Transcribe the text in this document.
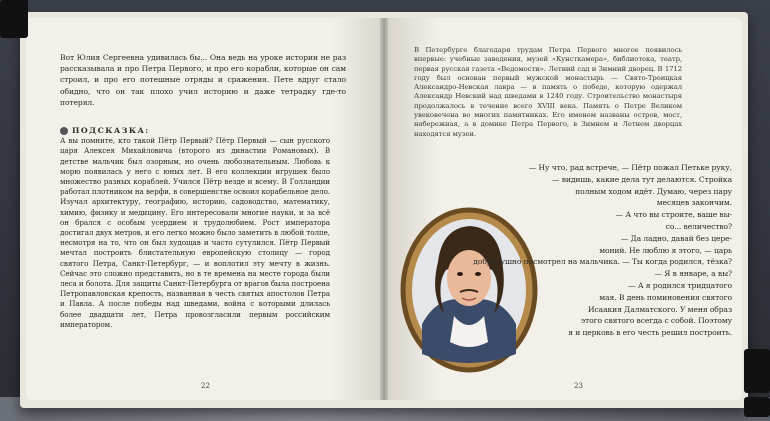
Вот Юлия Сергеевна удивилась бы... Она ведь на уроке истории не раз рассказывала и про Петра Первого, и про его корабли, которые он сам строил, и про его потешные отряды и сражения. Пете вдруг стало обидно, что он так плохо учил историю и даже тетрадку где-то потерял.
ПОДСКАЗКА:
А вы помните, кто такой Пётр Первый? Пётр Первый — сын русского царя Алексея Михайловича (второго из династии Романовых). В детстве мальчик был озорным, но очень любознательным. Любовь к морю появилась у него с юных лет. В его коллекции игрушек было множество разных кораблей. Учился Пётр везде и всему. В Голландии работал плотником на верфи, в совершенстве освоил корабельное дело. Изучал архитектуру, географию, историю, садоводство, математику, химию, физику и медицину. Его интересовали многие науки, и за всё он брался с особым усердием и трудолюбием. Рост императора достигал двух метров, и его легко можно было заметить в любой толпе, несмотря на то, что он был худощав и часто сутулился. Пётр Первый мечтал построить блистательную европейскую столицу — город святого Петра, Санкт-Петербург, — и воплотил эту мечту в жизнь. Сейчас это сложно представить, но в те времена на месте города были леса и болота. Для защиты Санкт-Петербурга от врагов была построена Петропавловская крепость, названная в честь святых апостолов Петра и Павла. А после победы над шведами, война с которыми длилась более двадцати лет, Петра провозгласили первым российским императором.
22
В Петербурге благодаря трудам Петра Первого многое появилось впервые: учебные заведения, музей «Кунсткамера», библиотека, театр, первая русская газета «Ведомости». Летний сад и Зимний дворец. В 1712 году был основан первый мужской монастырь — Свято-Троицкая Александро-Невская лавра — в память о победе, которую одержал Александр Невский над шведами в 1240 году. Строительство монастыря продолжалось в течение всего XVIII века. Память о Петре Великом увековечена во многих памятниках. Его именем названы остров, мост, набережная, а в домике Петра Первого, в Зимнем и Летнем дворцах находятся музеи.
— Ну что, рад встрече, — Пётр пожал Петьке руку,
— видишь, какие дела тут делаются. Стройка
полным ходом идёт. Думаю, через пару
месяцев закончим.
— А что вы строите, ваше вы-
со... величество?
— Да ладно, давай без цере-
моний. Не люблю я этого, — царь
добродушно посмотрел на мальчика. — Ты когда родился, тёзка?
— Я в январе, а вы?
— А я родился тридцатого
мая. В день поминовения святого
Исаакия Далматского. У меня образ
этого святого всегда с собой. Поэтому
я и церковь в его честь решил построить.
23
